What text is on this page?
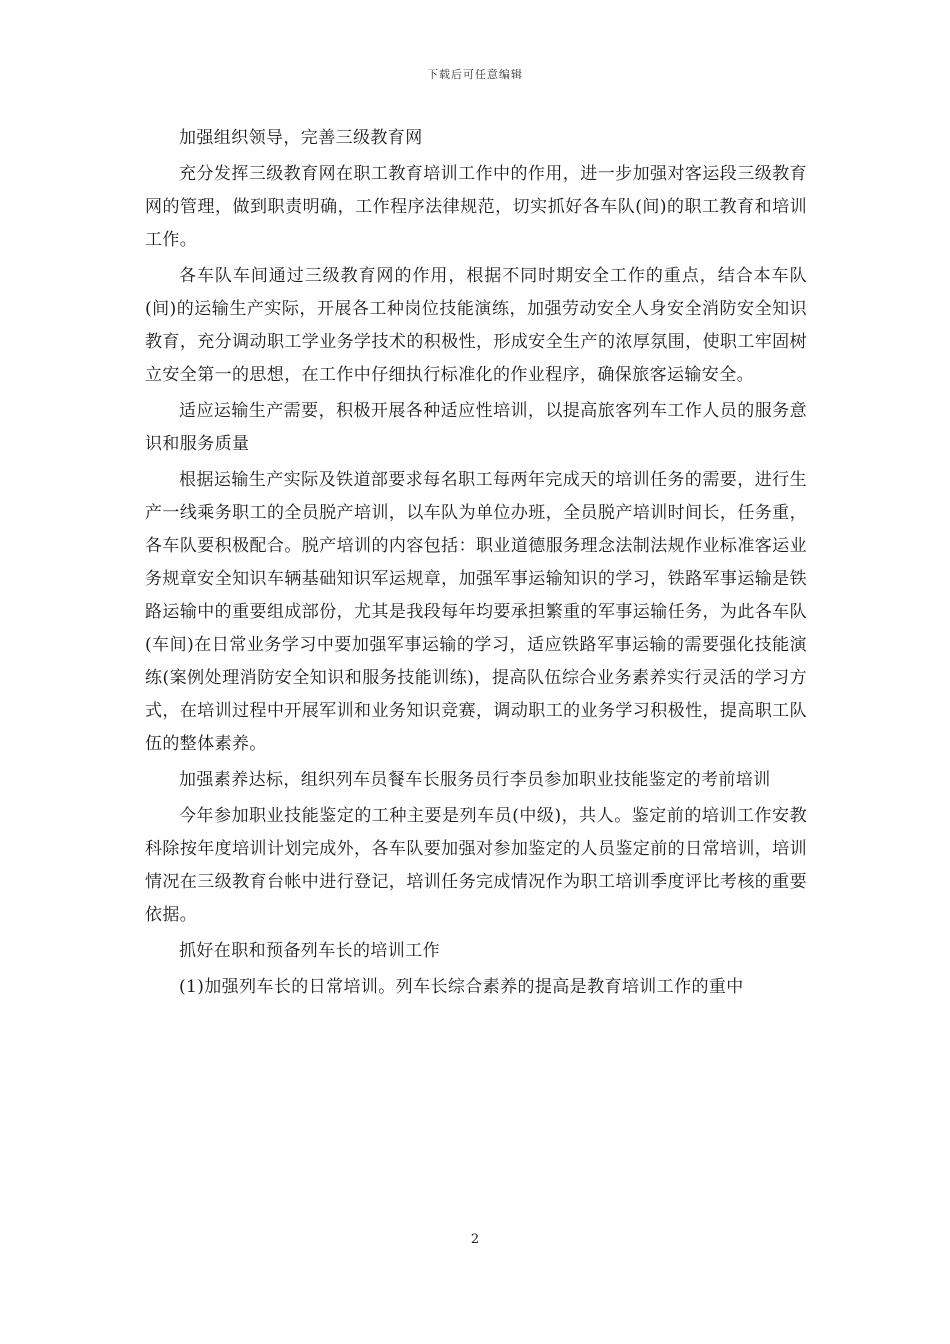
下载后可任意编辑

加强组织领导，完善三级教育网

充分发挥三级教育网在职工教育培训工作中的作用，进一步加强对客运段三级教育网的管理，做到职责明确，工作程序法律规范，切实抓好各车队(间)的职工教育和培训工作。

各车队车间通过三级教育网的作用，根据不同时期安全工作的重点，结合本车队(间)的运输生产实际，开展各工种岗位技能演练，加强劳动安全人身安全消防安全知识教育，充分调动职工学业务学技术的积极性，形成安全生产的浓厚氛围，使职工牢固树立安全第一的思想，在工作中仔细执行标准化的作业程序，确保旅客运输安全。

适应运输生产需要，积极开展各种适应性培训，以提高旅客列车工作人员的服务意识和服务质量

根据运输生产实际及铁道部要求每名职工每两年完成天的培训任务的需要，进行生产一线乘务职工的全员脱产培训，以车队为单位办班，全员脱产培训时间长，任务重，各车队要积极配合。脱产培训的内容包括：职业道德服务理念法制法规作业标准客运业务规章安全知识车辆基础知识军运规章，加强军事运输知识的学习，铁路军事运输是铁路运输中的重要组成部份，尤其是我段每年均要承担繁重的军事运输任务，为此各车队(车间)在日常业务学习中要加强军事运输的学习，适应铁路军事运输的需要强化技能演练(案例处理消防安全知识和服务技能训练)，提高队伍综合业务素养实行灵活的学习方式，在培训过程中开展军训和业务知识竞赛，调动职工的业务学习积极性，提高职工队伍的整体素养。

加强素养达标，组织列车员餐车长服务员行李员参加职业技能鉴定的考前培训

今年参加职业技能鉴定的工种主要是列车员(中级)，共人。鉴定前的培训工作安教科除按年度培训计划完成外，各车队要加强对参加鉴定的人员鉴定前的日常培训，培训情况在三级教育台帐中进行登记，培训任务完成情况作为职工培训季度评比考核的重要依据。

抓好在职和预备列车长的培训工作

(1)加强列车长的日常培训。列车长综合素养的提高是教育培训工作的重中

2
